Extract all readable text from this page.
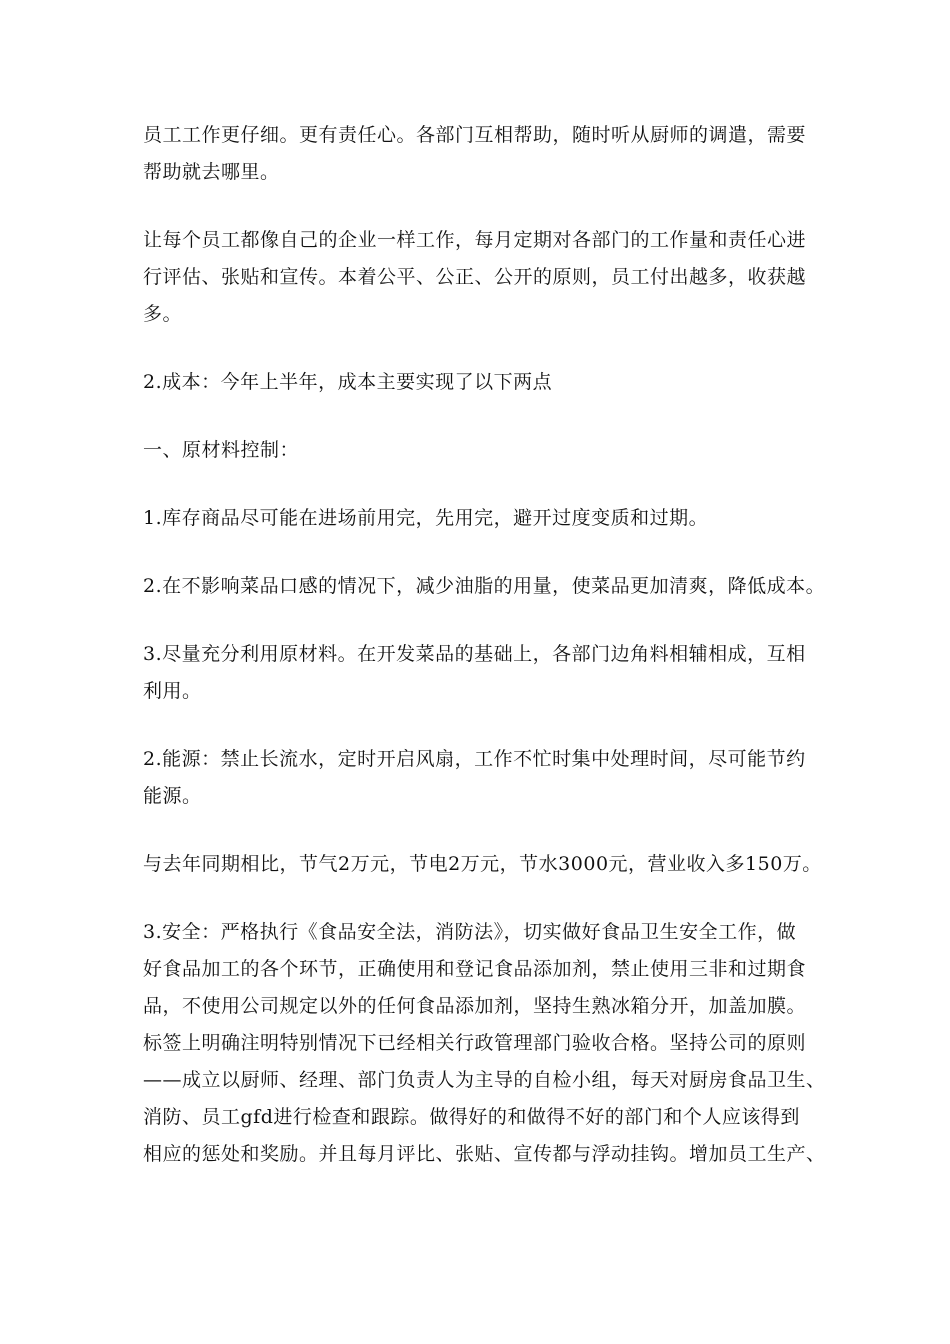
员工工作更仔细。更有责任心。各部门互相帮助，随时听从厨师的调遣，需要
帮助就去哪里。

让每个员工都像自己的企业一样工作，每月定期对各部门的工作量和责任心进
行评估、张贴和宣传。本着公平、公正、公开的原则，员工付出越多，收获越
多。

2.成本：今年上半年，成本主要实现了以下两点

一、原材料控制：

1.库存商品尽可能在进场前用完，先用完，避开过度变质和过期。

2.在不影响菜品口感的情况下，减少油脂的用量，使菜品更加清爽，降低成本。

3.尽量充分利用原材料。在开发菜品的基础上，各部门边角料相辅相成，互相
利用。

2.能源：禁止长流水，定时开启风扇，工作不忙时集中处理时间，尽可能节约
能源。

与去年同期相比，节气2万元，节电2万元，节水3000元，营业收入多150万。

3.安全：严格执行《食品安全法，消防法》，切实做好食品卫生安全工作，做
好食品加工的各个环节，正确使用和登记食品添加剂，禁止使用三非和过期食
品，不使用公司规定以外的任何食品添加剂，坚持生熟冰箱分开，加盖加膜。
标签上明确注明特别情况下已经相关行政管理部门验收合格。坚持公司的原则
——成立以厨师、经理、部门负责人为主导的自检小组，每天对厨房食品卫生、
消防、员工gfd进行检查和跟踪。做得好的和做得不好的部门和个人应该得到
相应的惩处和奖励。并且每月评比、张贴、宣传都与浮动挂钩。增加员工生产、
